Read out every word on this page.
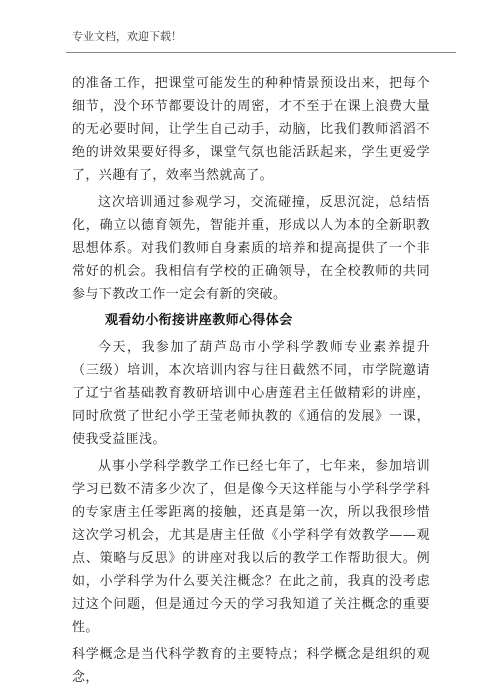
专业文档，欢迎下载！

的准备工作，把课堂可能发生的种种情景预设出来，把每个细节，没个环节都要设计的周密，才不至于在课上浪费大量的无必要时间，让学生自己动手，动脑，比我们教师滔滔不绝的讲效果要好得多，课堂气氛也能活跃起来，学生更爱学了，兴趣有了，效率当然就高了。

这次培训通过参观学习，交流碰撞，反思沉淀，总结悟化，确立以德育领先，智能并重，形成以人为本的全新职教思想体系。对我们教师自身素质的培养和提高提供了一个非常好的机会。我相信有学校的正确领导，在全校教师的共同参与下教改工作一定会有新的突破。

观看幼小衔接讲座教师心得体会

今天，我参加了葫芦岛市小学科学教师专业素养提升（三级）培训，本次培训内容与往日截然不同，市学院邀请了辽宁省基础教育教研培训中心唐莲君主任做精彩的讲座，同时欣赏了世纪小学王莹老师执教的《通信的发展》一课，使我受益匪浅。

从事小学科学教学工作已经七年了，七年来，参加培训学习已数不清多少次了，但是像今天这样能与小学科学学科的专家唐主任零距离的接触，还真是第一次，所以我很珍惜这次学习机会，尤其是唐主任做《小学科学有效教学——观点、策略与反思》的讲座对我以后的教学工作帮助很大。例如，小学科学为什么要关注概念？在此之前，我真的没考虑过这个问题，但是通过今天的学习我知道了关注概念的重要性。

科学概念是当代科学教育的主要特点；科学概念是组织的观念，
